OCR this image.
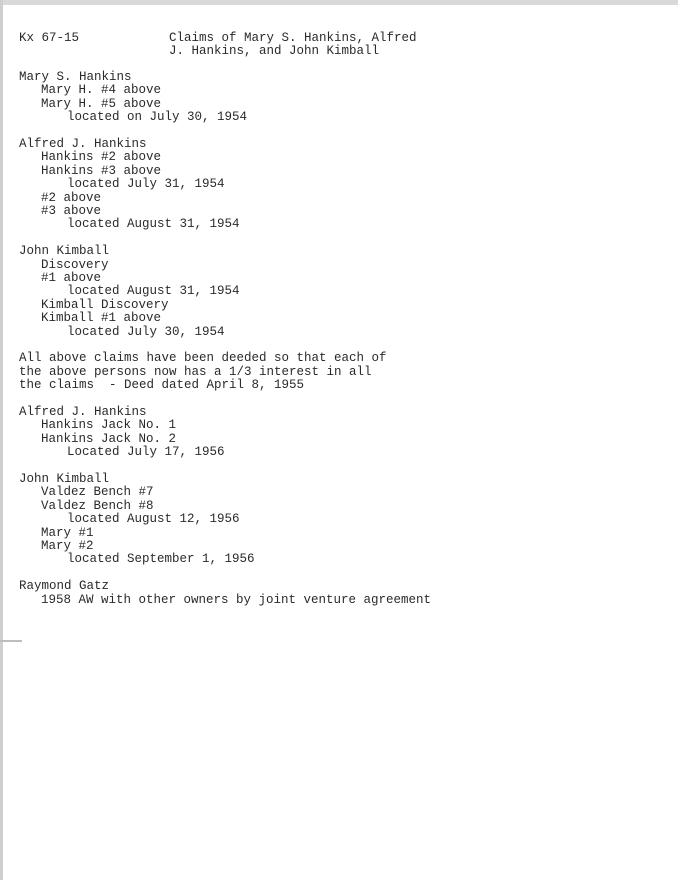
Kx 67-15	Claims of Mary S. Hankins, Alfred
J. Hankins, and John Kimball
Mary S. Hankins
Mary H. #4 above
Mary H. #5 above
located on July 30, 1954
Alfred J. Hankins
Hankins #2 above
Hankins #3 above
located July 31, 1954
#2 above
#3 above
located August 31, 1954
John Kimball
Discovery
#1 above
located August 31, 1954
Kimball Discovery
Kimball #1 above
located July 30, 1954
All above claims have been deeded so that each of
the above persons now has a 1/3 interest in all
the claims  - Deed dated April 8, 1955
Alfred J. Hankins
Hankins Jack No. 1
Hankins Jack No. 2
Located July 17, 1956
John Kimball
Valdez Bench #7
Valdez Bench #8
located August 12, 1956
Mary #1
Mary #2
located September 1, 1956
Raymond Gatz
1958 AW with other owners by joint venture agreement
